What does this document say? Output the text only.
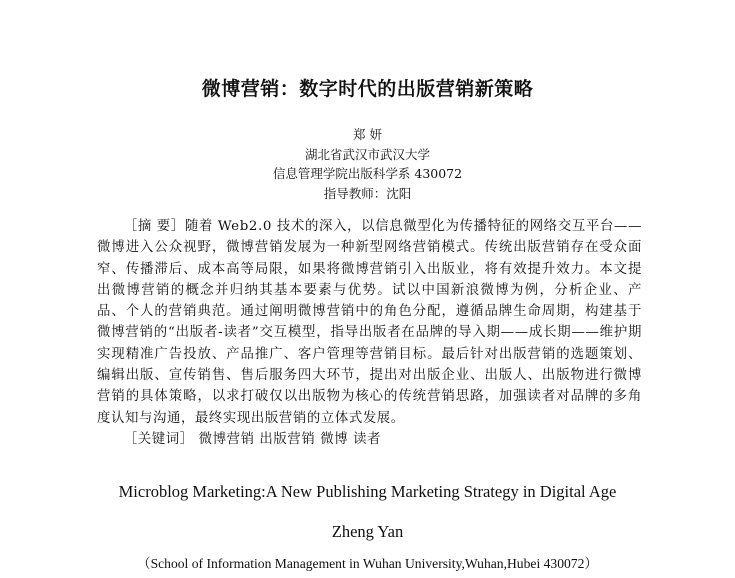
微博营销：数字时代的出版营销新策略
郑 妍
湖北省武汉市武汉大学
信息管理学院出版科学系 430072
指导教师：沈阳

［摘 要］随着 Web2.0 技术的深入，以信息微型化为传播特征的网络交互平台——微博进入公众视野，微博营销发展为一种新型网络营销模式。传统出版营销存在受众面窄、传播滞后、成本高等局限，如果将微博营销引入出版业，将有效提升效力。本文提出微博营销的概念并归纳其基本要素与优势。试以中国新浪微博为例，分析企业、产品、个人的营销典范。通过阐明微博营销中的角色分配，遵循品牌生命周期，构建基于微博营销的“出版者-读者”交互模型，指导出版者在品牌的导入期——成长期——维护期实现精准广告投放、产品推广、客户管理等营销目标。最后针对出版营销的选题策划、编辑出版、宣传销售、售后服务四大环节，提出对出版企业、出版人、出版物进行微博营销的具体策略，以求打破仅以出版物为核心的传统营销思路，加强读者对品牌的多角度认知与沟通，最终实现出版营销的立体式发展。

［关键词］ 微博营销 出版营销 微博 读者

Microblog Marketing:A New Publishing Marketing Strategy in Digital Age
Zheng Yan
（School of Information Management in Wuhan University,Wuhan,Hubei 430072）
